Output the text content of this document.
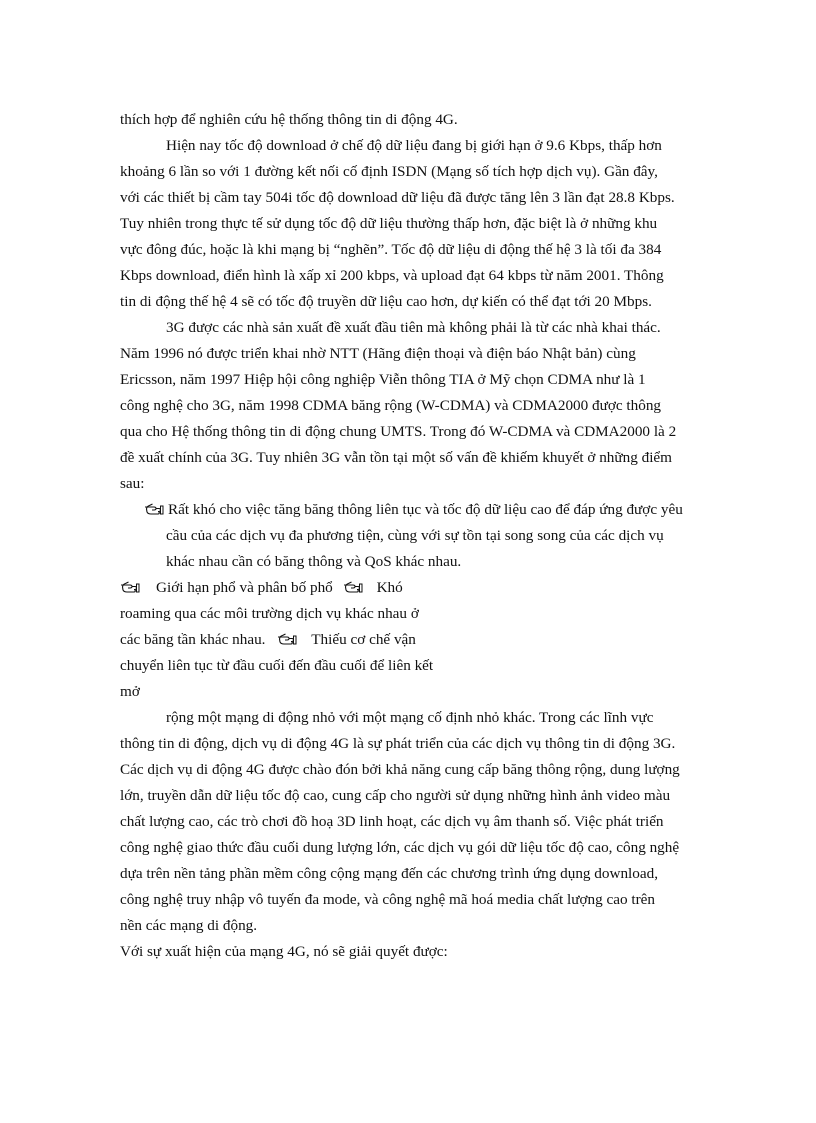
thích hợp để nghiên cứu hệ thống thông tin di động 4G.
Hiện nay tốc độ download ở chế độ dữ liệu đang bị giới hạn ở 9.6 Kbps, thấp hơn
khoảng 6 lần so với 1 đường kết nối cố định ISDN (Mạng số tích hợp dịch vụ). Gần đây,
với các thiết bị cầm tay 504i tốc độ download dữ liệu đã được tăng lên 3 lần đạt 28.8 Kbps.
Tuy nhiên trong thực tế sử dụng tốc độ dữ liệu thường thấp hơn, đặc biệt là ở những khu
vực đông đúc, hoặc là khi mạng bị “nghẽn”. Tốc độ dữ liệu di động thế hệ 3 là tối đa 384
Kbps download, điển hình là xấp xỉ 200 kbps, và upload đạt 64 kbps từ năm 2001. Thông
tin di động thế hệ 4 sẽ có tốc độ truyền dữ liệu cao hơn, dự kiến có thể đạt tới 20 Mbps.
3G được các nhà sản xuất đề xuất đầu tiên mà không phải là từ các nhà khai thác.
Năm 1996 nó được triển khai nhờ NTT (Hãng điện thoại và điện báo Nhật bản) cùng
Ericsson, năm 1997 Hiệp hội công nghiệp Viễn thông TIA ở Mỹ chọn CDMA như là 1
công nghệ cho 3G, năm 1998 CDMA băng rộng (W-CDMA) và CDMA2000 được thông
qua cho Hệ thống thông tin di động chung UMTS. Trong đó W-CDMA và CDMA2000 là 2
đề xuất chính của 3G. Tuy nhiên 3G vẫn tồn tại một số vấn đề khiếm khuyết ở những điểm
sau:
Rất khó cho việc tăng băng thông liên tục và tốc độ dữ liệu cao để đáp ứng được yêu
cầu của các dịch vụ đa phương tiện, cùng với sự tồn tại song song của các dịch vụ
khác nhau cần có băng thông và QoS khác nhau.
Giới hạn phổ và phân bố phổ	Khó
roaming qua các môi trường dịch vụ khác nhau ở
các băng tần khác nhau.	Thiếu cơ chế vận
chuyển liên tục từ đầu cuối đến đầu cuối để liên kết
mở
rộng một mạng di động nhỏ với một mạng cố định nhỏ khác. Trong các lĩnh vực
thông tin di động, dịch vụ di động 4G là sự phát triển của các dịch vụ thông tin di động 3G.
Các dịch vụ di động 4G được chào đón bởi khả năng cung cấp băng thông rộng, dung lượng
lớn, truyền dẫn dữ liệu tốc độ cao, cung cấp cho người sử dụng những hình ảnh video màu
chất lượng cao, các trò chơi đồ hoạ 3D linh hoạt, các dịch vụ âm thanh số. Việc phát triển
công nghệ giao thức đầu cuối dung lượng lớn, các dịch vụ gói dữ liệu tốc độ cao, công nghệ
dựa trên nền tảng phần mềm công cộng mạng đến các chương trình ứng dụng download,
công nghệ truy nhập vô tuyến đa mode, và công nghệ mã hoá media chất lượng cao trên
nền các mạng di động.
Với sự xuất hiện của mạng 4G, nó sẽ giải quyết được:
